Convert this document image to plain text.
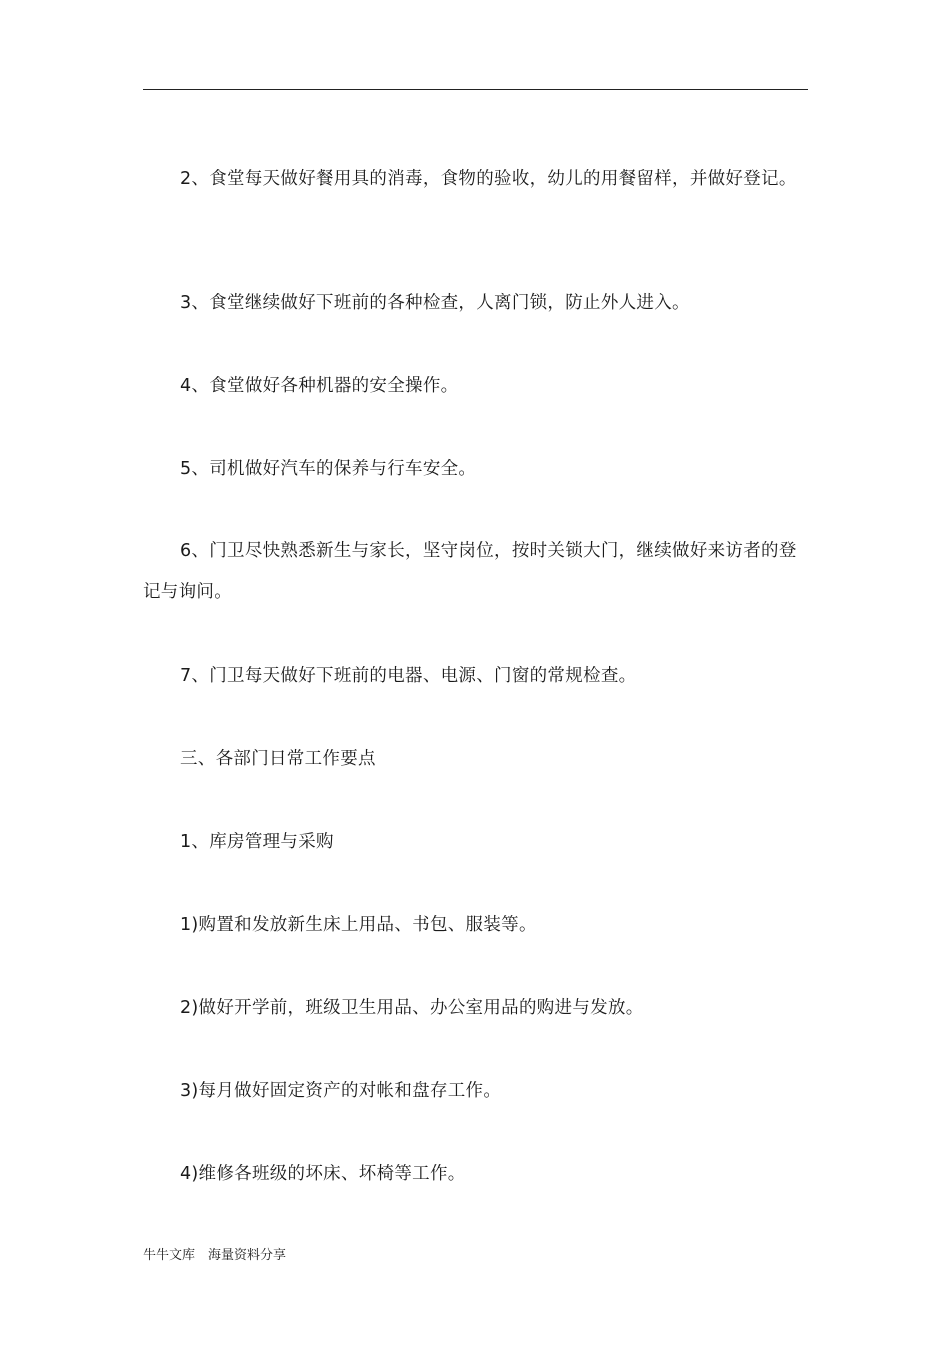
2、食堂每天做好餐用具的消毒，食物的验收，幼儿的用餐留样，并做好登记。

3、食堂继续做好下班前的各种检查，人离门锁，防止外人进入。

4、食堂做好各种机器的安全操作。

5、司机做好汽车的保养与行车安全。

6、门卫尽快熟悉新生与家长，坚守岗位，按时关锁大门，继续做好来访者的登记与询问。

7、门卫每天做好下班前的电器、电源、门窗的常规检查。

三、各部门日常工作要点

1、库房管理与采购

1)购置和发放新生床上用品、书包、服装等。

2)做好开学前，班级卫生用品、办公室用品的购进与发放。

3)每月做好固定资产的对帐和盘存工作。

4)维修各班级的坏床、坏椅等工作。

牛牛文库　海量资料分享
